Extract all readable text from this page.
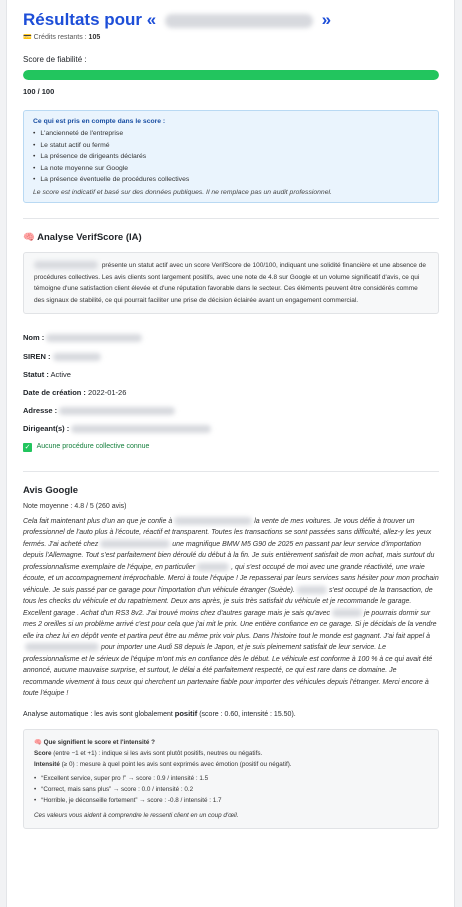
Résultats pour «	»
💳 Crédits restants : 105
Score de fiabilité :
100 / 100
Ce qui est pris en compte dans le score :
• L'ancienneté de l'entreprise
• Le statut actif ou fermé
• La présence de dirigeants déclarés
• La note moyenne sur Google
• La présence éventuelle de procédures collectives
Le score est indicatif et basé sur des données publiques. Il ne remplace pas un audit professionnel.
🧠 Analyse VerifScore (IA)
présente un statut actif avec un score VerifScore de 100/100, indiquant une solidité financière et une absence de procédures collectives. Les avis clients sont largement positifs, avec une note de 4.8 sur Google et un volume significatif d'avis, ce qui témoigne d'une satisfaction client élevée et d'une réputation favorable dans le secteur. Ces éléments peuvent être considérés comme des signaux de stabilité, ce qui pourrait faciliter une prise de décision éclairée avant un engagement commercial.
Nom :
SIREN :
Statut : Active
Date de création : 2022-01-26
Adresse :
Dirigeant(s) :
✓ Aucune procédure collective connue
Avis Google
Note moyenne : 4.8 / 5 (260 avis)
Cela fait maintenant plus d'un an que je confie à	la vente de mes voitures. Je vous défie à trouver un professionnel de l'auto plus à l'écoute, réactif et transparent. Toutes les transactions se sont passées sans difficulté, allez-y les yeux fermés. J'ai acheté chez	une magnifique BMW M5 G90 de 2025 en passant par leur service d'importation depuis l'Allemagne. Tout s'est parfaitement bien déroulé du début à la fin. Je suis entièrement satisfait de mon achat, mais surtout du professionnalisme exemplaire de l'équipe, en particulier	, qui s'est occupé de moi avec une grande réactivité, une vraie écoute, et un accompagnement irréprochable. Merci à toute l'équipe ! Je repasserai par leurs services sans hésiter pour mon prochain véhicule. Je suis passé par ce garage pour l'importation d'un véhicule étranger (Suède).	s'est occupé de la transaction, de tous les checks du véhicule et du rapatriement. Deux ans après, je suis très satisfait du véhicule et je recommande le garage. Excellent garage . Achat d'un RS3 8v2. J'ai trouvé moins chez d'autres garage mais je sais qu'avec	je pourrais dormir sur mes 2 oreilles si un problème arrivé c'est pour cela que j'ai mit le prix. Une entière confiance en ce garage. Si je décidais de la vendre elle ira chez lui en dépôt vente et partira peut être au même prix voir plus. Dans l'histoire tout le monde est gagnant. J'ai fait appel àpour importer une Audi S8 depuis le Japon, et je suis pleinement satisfait de leur service. Le professionnalisme et le sérieux de l'équipe m'ont mis en confiance dès le début. Le véhicule est conforme à 100 % à ce qui avait été annoncé, aucune mauvaise surprise, et surtout, le délai a été parfaitement respecté, ce qui est rare dans ce domaine. Je recommande vivement à tous ceux qui cherchent un partenaire fiable pour importer des véhicules depuis l'étranger. Merci encore à toute l'équipe !
Analyse automatique : les avis sont globalement positif (score : 0.60, intensité : 15.50).
🧠 Que signifient le score et l'intensité ?
Score (entre −1 et +1) : indique si les avis sont plutôt positifs, neutres ou négatifs.
Intensité (≥ 0) : mesure à quel point les avis sont exprimés avec émotion (positif ou négatif).
• “Excellent service, super pro !” → score : 0.9 / intensité : 1.5
• “Correct, mais sans plus” → score : 0.0 / intensité : 0.2
• “Horrible, je déconseille fortement” → score : -0.8 / intensité : 1.7
Ces valeurs vous aident à comprendre le ressenti client en un coup d'œil.
